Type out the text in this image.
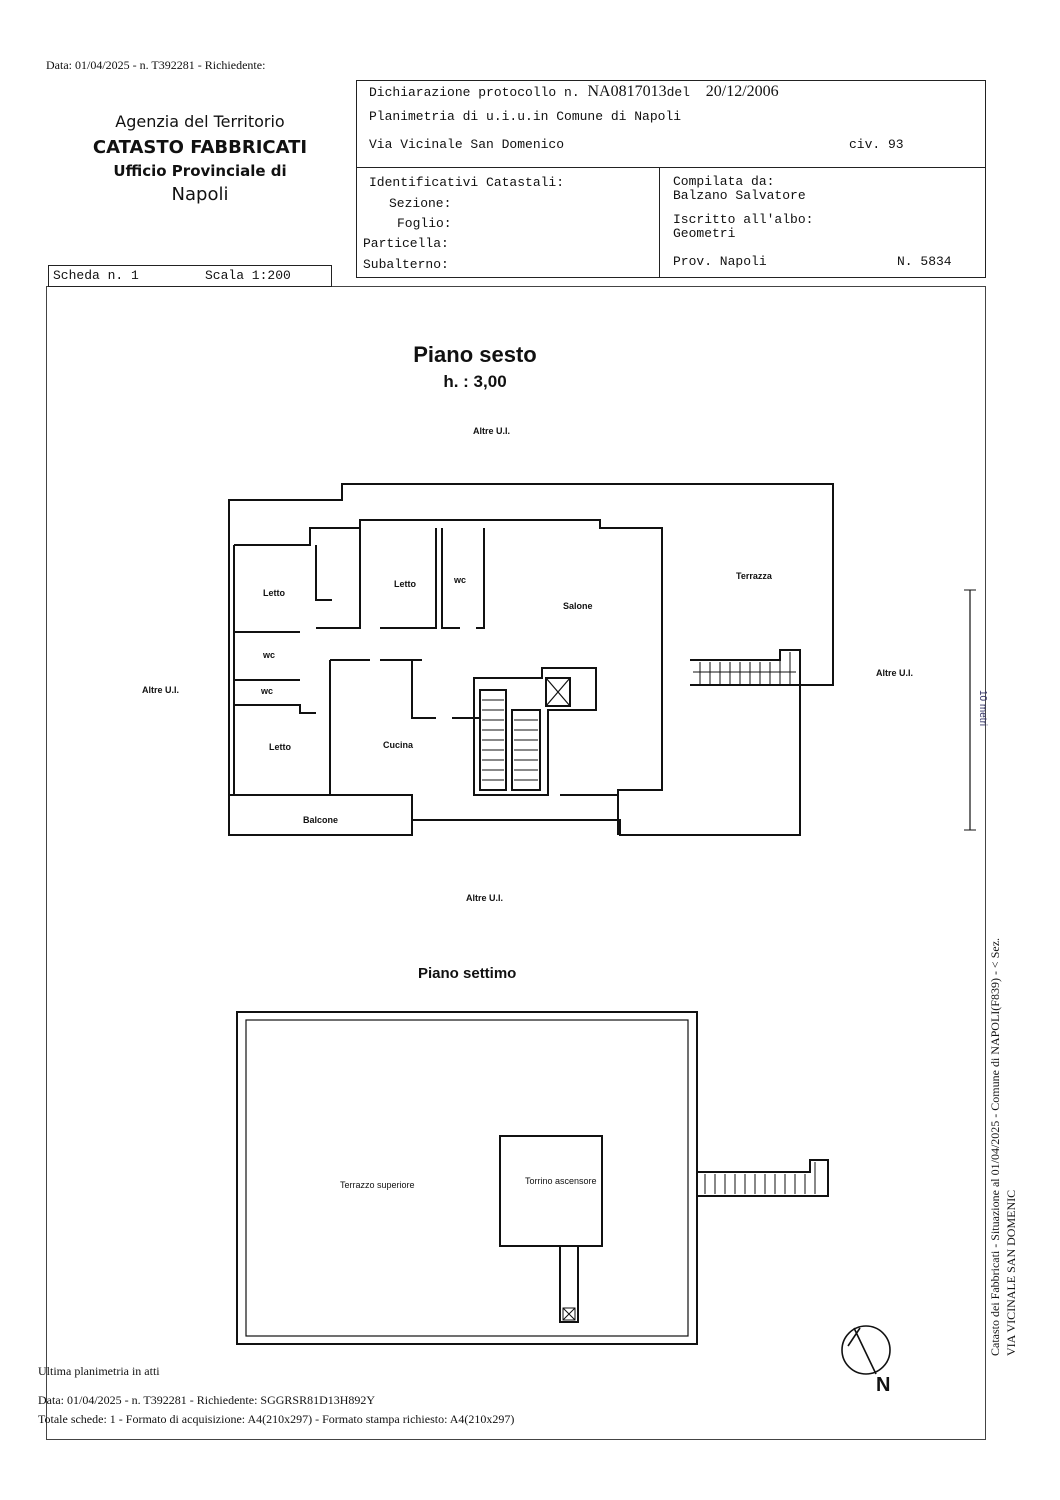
Data: 01/04/2025 - n. T392281 - Richiedente:
Agenzia del Territorio
CATASTO FABBRICATI
Ufficio Provinciale di
Napoli
Scheda n. 1	Scala 1:200
Dichiarazione protocollo n. NA0817013del 20/12/2006
Planimetria di u.i.u.in Comune di Napoli
Via Vicinale San Domenico	civ. 93
Identificativi Catastali:
Sezione:
Foglio:
Particella:
Subalterno:
Compilata da:
Balzano Salvatore
Iscritto all'albo:
Geometri
Prov. Napoli	N. 5834
Piano sesto
h. : 3,00
Letto
Letto
Letto
wc
wc
wc
Salone
Terrazza
Cucina
Balcone
Altre U.I.
Altre U.I.
Altre U.I.
Altre U.I.
10 metri
Piano settimo
Terrazzo superiore	Torrino ascensore
N
Catasto dei Fabbricati - Situazione al 01/04/2025 - Comune di NAPOLI(F839) - < Sez. VIA VICINALE SAN DOMENIC
Ultima planimetria in atti
Data: 01/04/2025 - n. T392281 - Richiedente: SGGRSR81D13H892Y
Totale schede: 1 - Formato di acquisizione: A4(210x297) - Formato stampa richiesto: A4(210x297)
